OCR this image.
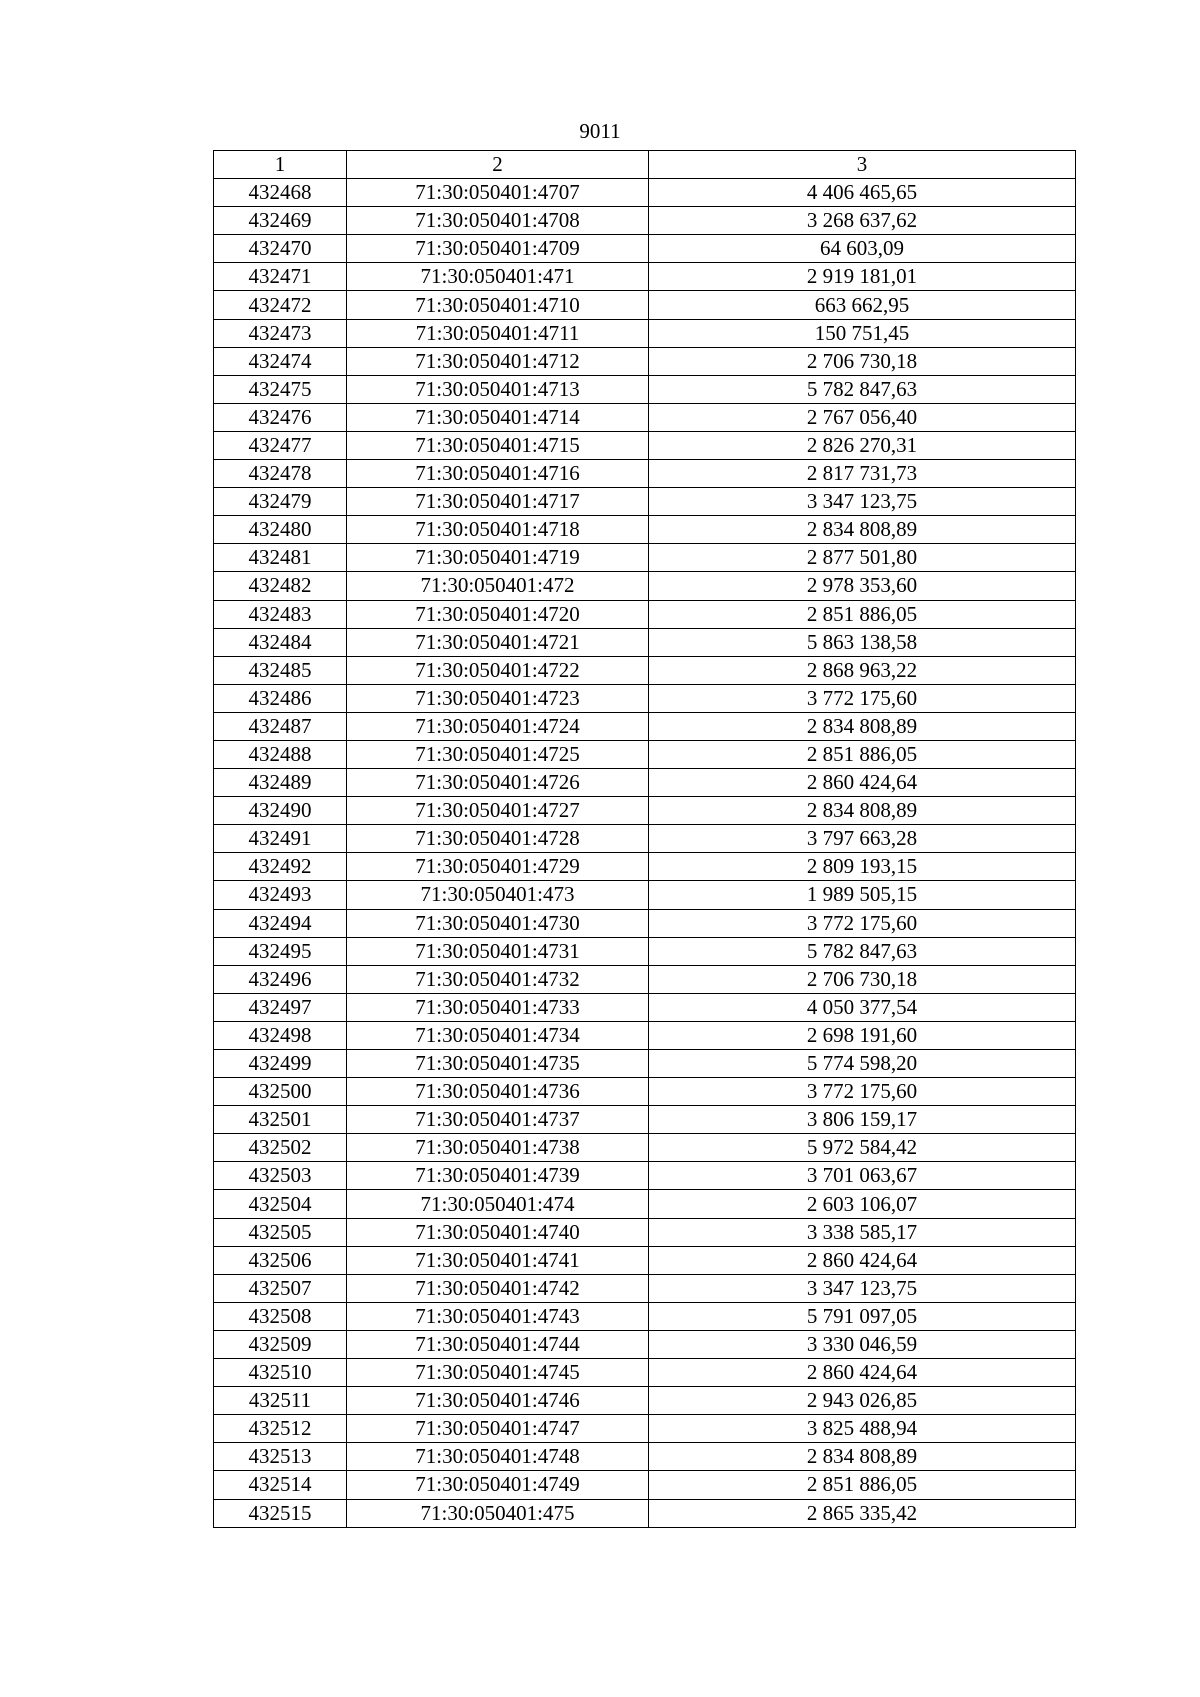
9011
1	2	3
432468	71:30:050401:4707	4 406 465,65
432469	71:30:050401:4708	3 268 637,62
432470	71:30:050401:4709	64 603,09
432471	71:30:050401:471	2 919 181,01
432472	71:30:050401:4710	663 662,95
432473	71:30:050401:4711	150 751,45
432474	71:30:050401:4712	2 706 730,18
432475	71:30:050401:4713	5 782 847,63
432476	71:30:050401:4714	2 767 056,40
432477	71:30:050401:4715	2 826 270,31
432478	71:30:050401:4716	2 817 731,73
432479	71:30:050401:4717	3 347 123,75
432480	71:30:050401:4718	2 834 808,89
432481	71:30:050401:4719	2 877 501,80
432482	71:30:050401:472	2 978 353,60
432483	71:30:050401:4720	2 851 886,05
432484	71:30:050401:4721	5 863 138,58
432485	71:30:050401:4722	2 868 963,22
432486	71:30:050401:4723	3 772 175,60
432487	71:30:050401:4724	2 834 808,89
432488	71:30:050401:4725	2 851 886,05
432489	71:30:050401:4726	2 860 424,64
432490	71:30:050401:4727	2 834 808,89
432491	71:30:050401:4728	3 797 663,28
432492	71:30:050401:4729	2 809 193,15
432493	71:30:050401:473	1 989 505,15
432494	71:30:050401:4730	3 772 175,60
432495	71:30:050401:4731	5 782 847,63
432496	71:30:050401:4732	2 706 730,18
432497	71:30:050401:4733	4 050 377,54
432498	71:30:050401:4734	2 698 191,60
432499	71:30:050401:4735	5 774 598,20
432500	71:30:050401:4736	3 772 175,60
432501	71:30:050401:4737	3 806 159,17
432502	71:30:050401:4738	5 972 584,42
432503	71:30:050401:4739	3 701 063,67
432504	71:30:050401:474	2 603 106,07
432505	71:30:050401:4740	3 338 585,17
432506	71:30:050401:4741	2 860 424,64
432507	71:30:050401:4742	3 347 123,75
432508	71:30:050401:4743	5 791 097,05
432509	71:30:050401:4744	3 330 046,59
432510	71:30:050401:4745	2 860 424,64
432511	71:30:050401:4746	2 943 026,85
432512	71:30:050401:4747	3 825 488,94
432513	71:30:050401:4748	2 834 808,89
432514	71:30:050401:4749	2 851 886,05
432515	71:30:050401:475	2 865 335,42
